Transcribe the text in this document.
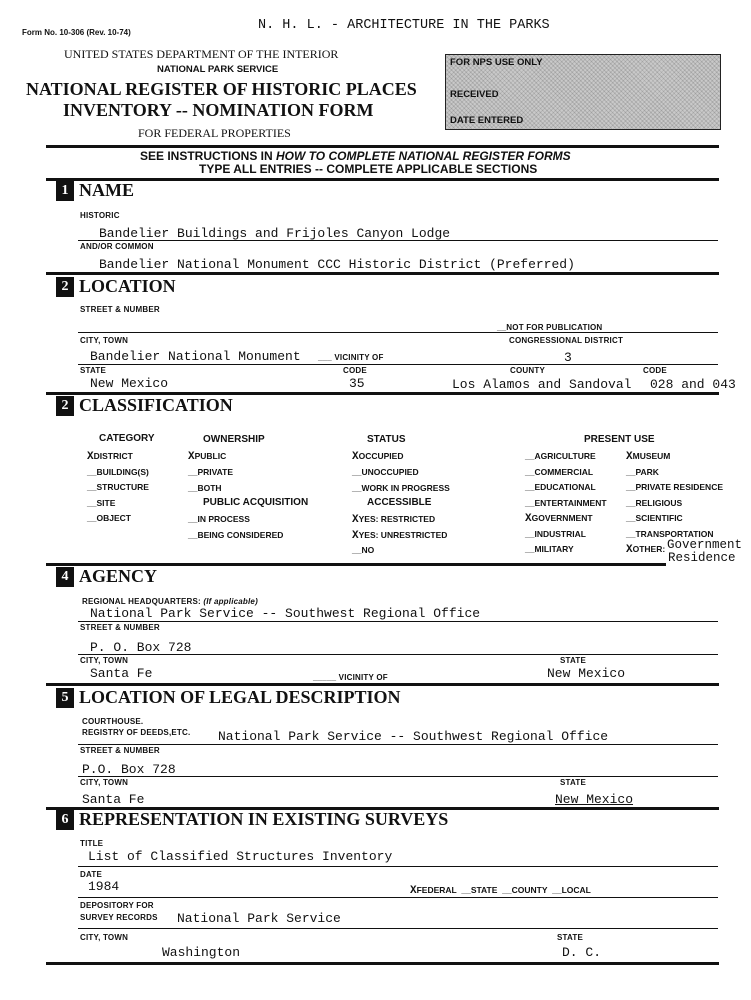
Form No. 10-306 (Rev. 10-74)	N. H. L. - ARCHITECTURE IN THE PARKS
UNITED STATES DEPARTMENT OF THE INTERIOR
NATIONAL PARK SERVICE
NATIONAL REGISTER OF HISTORIC PLACES
INVENTORY -- NOMINATION FORM
FOR FEDERAL PROPERTIES
FOR NPS USE ONLY
RECEIVED
DATE ENTERED
SEE INSTRUCTIONS IN HOW TO COMPLETE NATIONAL REGISTER FORMS
TYPE ALL ENTRIES -- COMPLETE APPLICABLE SECTIONS
1 NAME
HISTORIC
Bandelier Buildings and Frijoles Canyon Lodge
AND/OR COMMON
Bandelier National Monument CCC Historic District (Preferred)
2 LOCATION
STREET & NUMBER
__NOT FOR PUBLICATION
CITY, TOWN	CONGRESSIONAL DISTRICT
Bandelier National Monument ___ VICINITY OF	3
STATE	CODE	COUNTY	CODE
New Mexico	35	Los Alamos and Sandoval 028 and 043
2 CLASSIFICATION
CATEGORY	OWNERSHIP	STATUS	PRESENT USE
PUBLIC ACQUISITION	ACCESSIBLE
XDISTRICT
__BUILDING(S)
__STRUCTURE
__SITE
__OBJECT
XPUBLIC
__PRIVATE
__BOTH
__IN PROCESS
__BEING CONSIDERED
XOCCUPIED
__UNOCCUPIED
__WORK IN PROGRESS
XYES: RESTRICTED
XYES: UNRESTRICTED
__NO
__AGRICULTURE
__COMMERCIAL
__EDUCATIONAL
__ENTERTAINMENT
XGOVERNMENT
__INDUSTRIAL
__MILITARY
XMUSEUM
__PARK
__PRIVATE RESIDENCE
__RELIGIOUS
__SCIENTIFIC
__TRANSPORTATION
XOTHER: Government
Residence
4 AGENCY
REGIONAL HEADQUARTERS: (If applicable)
National Park Service -- Southwest Regional Office
STREET & NUMBER
P. O. Box 728
CITY, TOWN	STATE
Santa Fe	_____ VICINITY OF	New Mexico
5 LOCATION OF LEGAL DESCRIPTION
COURTHOUSE.
REGISTRY OF DEEDS,ETC. National Park Service -- Southwest Regional Office
STREET & NUMBER
P.O. Box 728
CITY, TOWN	STATE
Santa Fe	New Mexico
6 REPRESENTATION IN EXISTING SURVEYS
TITLE
List of Classified Structures Inventory
DATE
1984	XFEDERAL  __STATE  __COUNTY  __LOCAL
DEPOSITORY FOR
SURVEY RECORDS National Park Service
CITY, TOWN	STATE
Washington	D. C.
